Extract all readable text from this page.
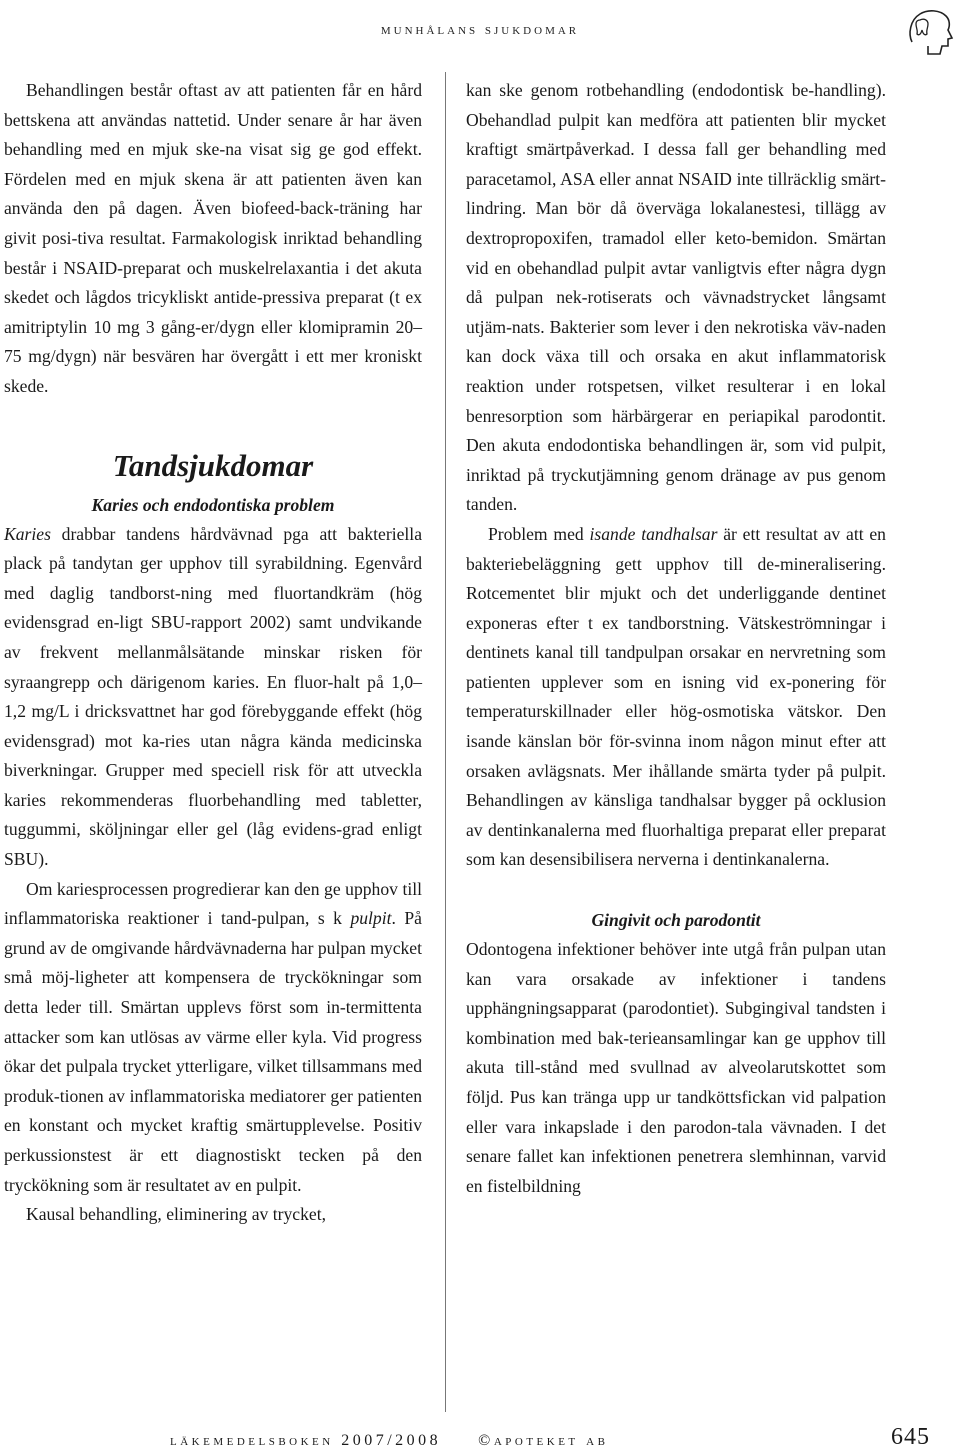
munhålans sjukdomar

Behandlingen består oftast av att patienten får en hård bettskena att användas nattetid. Under senare år har även behandling med en mjuk ske-na visat sig ge god effekt. Fördelen med en mjuk skena är att patienten även kan använda den på dagen. Även biofeed-back-träning har givit posi-tiva resultat. Farmakologisk inriktad behandling består i NSAID-preparat och muskelrelaxantia i det akuta skedet och lågdos tricykliskt antide-pressiva preparat (t ex amitriptylin 10 mg 3 gång-er/dygn eller klomipramin 20–75 mg/dygn) när besvären har övergått i ett mer kroniskt skede.

Tandsjukdomar
Karies och endodontiska problem

Karies drabbar tandens hårdvävnad pga att bakteriella plack på tandytan ger upphov till syrabildning. Egenvård med daglig tandborst-ning med fluortandkräm (hög evidensgrad en-ligt SBU-rapport 2002) samt undvikande av frekvent mellanmålsätande minskar risken för syraangrepp och därigenom karies. En fluor-halt på 1,0–1,2 mg/L i dricksvattnet har god förebyggande effekt (hög evidensgrad) mot ka-ries utan några kända medicinska biverkningar. Grupper med speciell risk för att utveckla karies rekommenderas fluorbehandling med tabletter, tuggummi, sköljningar eller gel (låg evidens-grad enligt SBU).

Om kariesprocessen progredierar kan den ge upphov till inflammatoriska reaktioner i tand-pulpan, s k pulpit. På grund av de omgivande hårdvävnaderna har pulpan mycket små möj-ligheter att kompensera de tryckökningar som detta leder till. Smärtan upplevs först som in-termittenta attacker som kan utlösas av värme eller kyla. Vid progress ökar det pulpala trycket ytterligare, vilket tillsammans med produk-tionen av inflammatoriska mediatorer ger patienten en konstant och mycket kraftig smärtupplevelse. Positiv perkussionstest är ett diagnostiskt tecken på den tryckökning som är resultatet av en pulpit.

Kausal behandling, eliminering av trycket,

kan ske genom rotbehandling (endodontisk be-handling). Obehandlad pulpit kan medföra att patienten blir mycket kraftigt smärtpåverkad. I dessa fall ger behandling med paracetamol, ASA eller annat NSAID inte tillräcklig smärt-lindring. Man bör då överväga lokalanestesi, tillägg av dextropropoxifen, tramadol eller keto-bemidon. Smärtan vid en obehandlad pulpit avtar vanligtvis efter några dygn då pulpan nek-rotiserats och vävnadstrycket långsamt utjäm-nats. Bakterier som lever i den nekrotiska väv-naden kan dock växa till och orsaka en akut inflammatorisk reaktion under rotspetsen, vilket resulterar i en lokal benresorption som härbärgerar en periapikal parodontit. Den akuta endodontiska behandlingen är, som vid pulpit, inriktad på tryckutjämning genom dränage av pus genom tanden.

Problem med isande tandhalsar är ett resultat av att en bakteriebeläggning gett upphov till de-mineralisering. Rotcementet blir mjukt och det underliggande dentinet exponeras efter t ex tandborstning. Vätskeströmningar i dentinets kanal till tandpulpan orsakar en nervretning som patienten upplever som en isning vid ex-ponering för temperaturskillnader eller hög-osmotiska vätskor. Den isande känslan bör för-svinna inom någon minut efter att orsaken avlägsnats. Mer ihållande smärta tyder på pulpit. Behandlingen av känsliga tandhalsar bygger på ocklusion av dentinkanalerna med fluorhaltiga preparat eller preparat som kan desensibilisera nerverna i dentinkanalerna.

Gingivit och parodontit

Odontogena infektioner behöver inte utgå från pulpan utan kan vara orsakade av infektioner i tandens upphängningsapparat (parodontiet). Subgingival tandsten i kombination med bak-terieansamlingar kan ge upphov till akuta till-stånd med svullnad av alveolarutskottet som följd. Pus kan tränga upp ur tandköttsfickan vid palpation eller vara inkapslade i den parodon-tala vävnaden. I det senare fallet kan infektionen penetrera slemhinnan, varvid en fistelbildning

läkemedelsboken 2007/2008 ©apoteket ab	645
